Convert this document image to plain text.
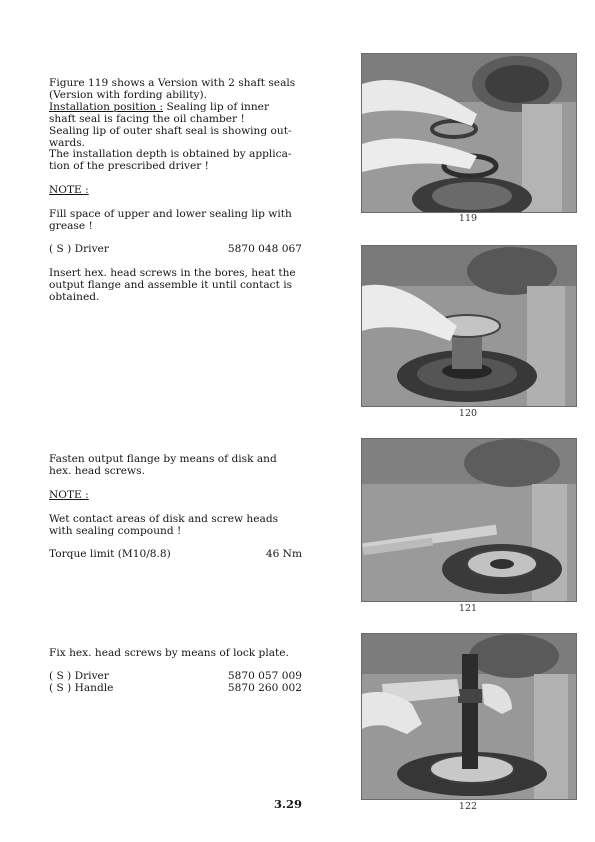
Figure 119 shows a Version with 2 shaft seals

(Version with fording ability).

Installation position : Sealing lip of inner

shaft seal is facing the oil chamber !

Sealing lip of outer shaft seal is showing out-

wards.

The installation depth is obtained by applica-

tion of the prescribed driver !

NOTE :

Fill space of upper and lower sealing lip with

grease !

( S ) Driver	5870 048 067

Insert hex. head screws in the bores, heat the

output flange and assemble it until contact is

obtained.

Fasten output flange by means of disk and

hex. head screws.

NOTE :

Wet contact areas of disk and screw heads

with sealing compound !

Torque limit (M10/8.8)	46 Nm

Fix hex. head screws by means of lock plate.

( S ) Driver	5870 057 009
( S ) Handle	5870 260 002
119
120
121
122
3.29
